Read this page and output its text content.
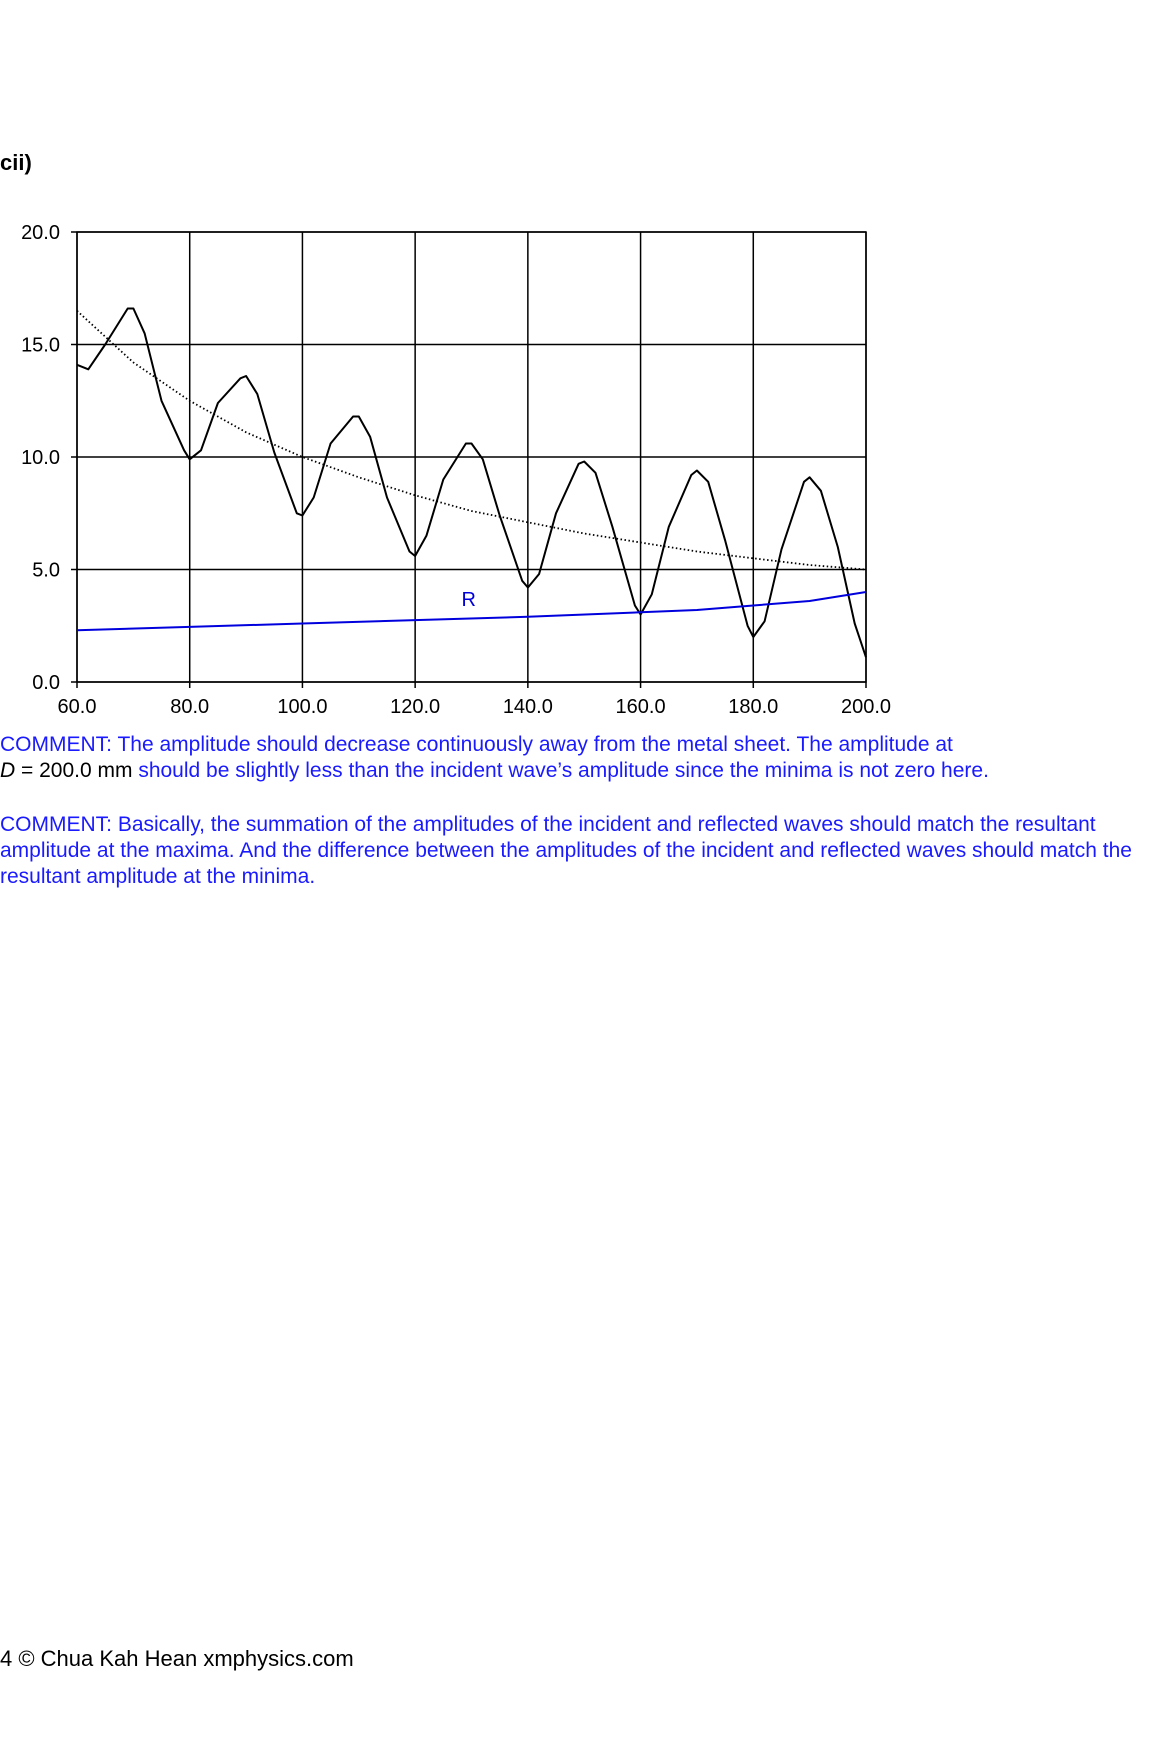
cii)
60.0	80.0	100.0	120.0	140.0	160.0	180.0	200.0
0.0
5.0
10.0
15.0
20.0
R

COMMENT: The amplitude should decrease continuously away from the metal sheet. The amplitude at
D = 200.0 mm should be slightly less than the incident wave’s amplitude since the minima is not zero here.

COMMENT: Basically, the summation of the amplitudes of the incident and reflected waves should match the resultant amplitude at the maxima. And the difference between the amplitudes of the incident and reflected waves should match the resultant amplitude at the minima.

4 © Chua Kah Hean xmphysics.com
